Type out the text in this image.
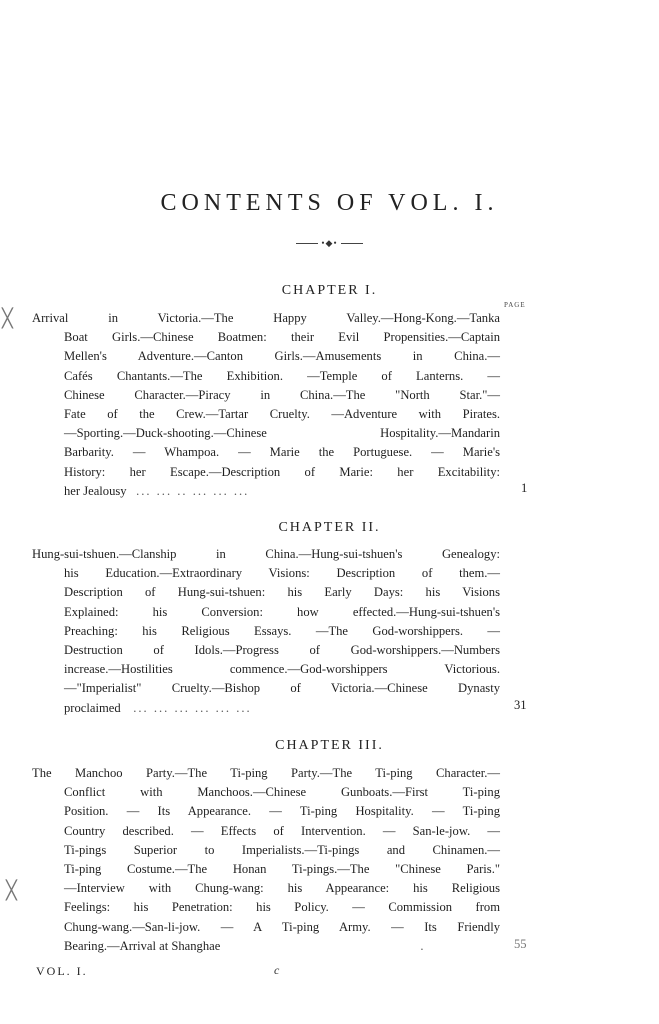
CONTENTS OF VOL. I.
•◆•
PAGE
CHAPTER I.
Arrival in Victoria.—The Happy Valley.—Hong-Kong.—Tanka
Boat Girls.—Chinese Boatmen: their Evil Propensities.—Captain
Mellen's Adventure.—Canton Girls.—Amusements in China.—
Cafés Chantants.—The Exhibition. —Temple of Lanterns. —
Chinese Character.—Piracy in China.—The "North Star."—
Fate of the Crew.—Tartar Cruelty. —Adventure with Pirates.
—Sporting.—Duck-shooting.—Chinese Hospitality.—Mandarin
Barbarity. — Whampoa. — Marie the Portuguese. — Marie's
History: her Escape.—Description of Marie: her Excitability:
her Jealousy ... ... .. ... ... ...	1
CHAPTER II.
Hung-sui-tshuen.—Clanship in China.—Hung-sui-tshuen's Genealogy:
his Education.—Extraordinary Visions: Description of them.—
Description of Hung-sui-tshuen: his Early Days: his Visions
Explained: his Conversion: how effected.—Hung-sui-tshuen's
Preaching: his Religious Essays. —The God-worshippers. —
Destruction of Idols.—Progress of God-worshippers.—Numbers
increase.—Hostilities commence.—God-worshippers Victorious.
—"Imperialist" Cruelty.—Bishop of Victoria.—Chinese Dynasty
proclaimed ... ... ... ... ... ...	31
CHAPTER III.
The Manchoo Party.—The Ti-ping Party.—The Ti-ping Character.—
Conflict with Manchoos.—Chinese Gunboats.—First Ti-ping
Position. — Its Appearance. — Ti-ping Hospitality. — Ti-ping
Country described. — Effects of Intervention. — San-le-jow. —
Ti-pings Superior to Imperialists.—Ti-pings and Chinamen.—
Ti-ping Costume.—The Honan Ti-pings.—The "Chinese Paris."
—Interview with Chung-wang: his Appearance: his Religious
Feelings: his Penetration: his Policy. — Commission from
Chung-wang.—San-li-jow. — A Ti-ping Army. — Its Friendly
Bearing.—Arrival at Shanghae	.	55
╳
╳
VOL. I.	c
